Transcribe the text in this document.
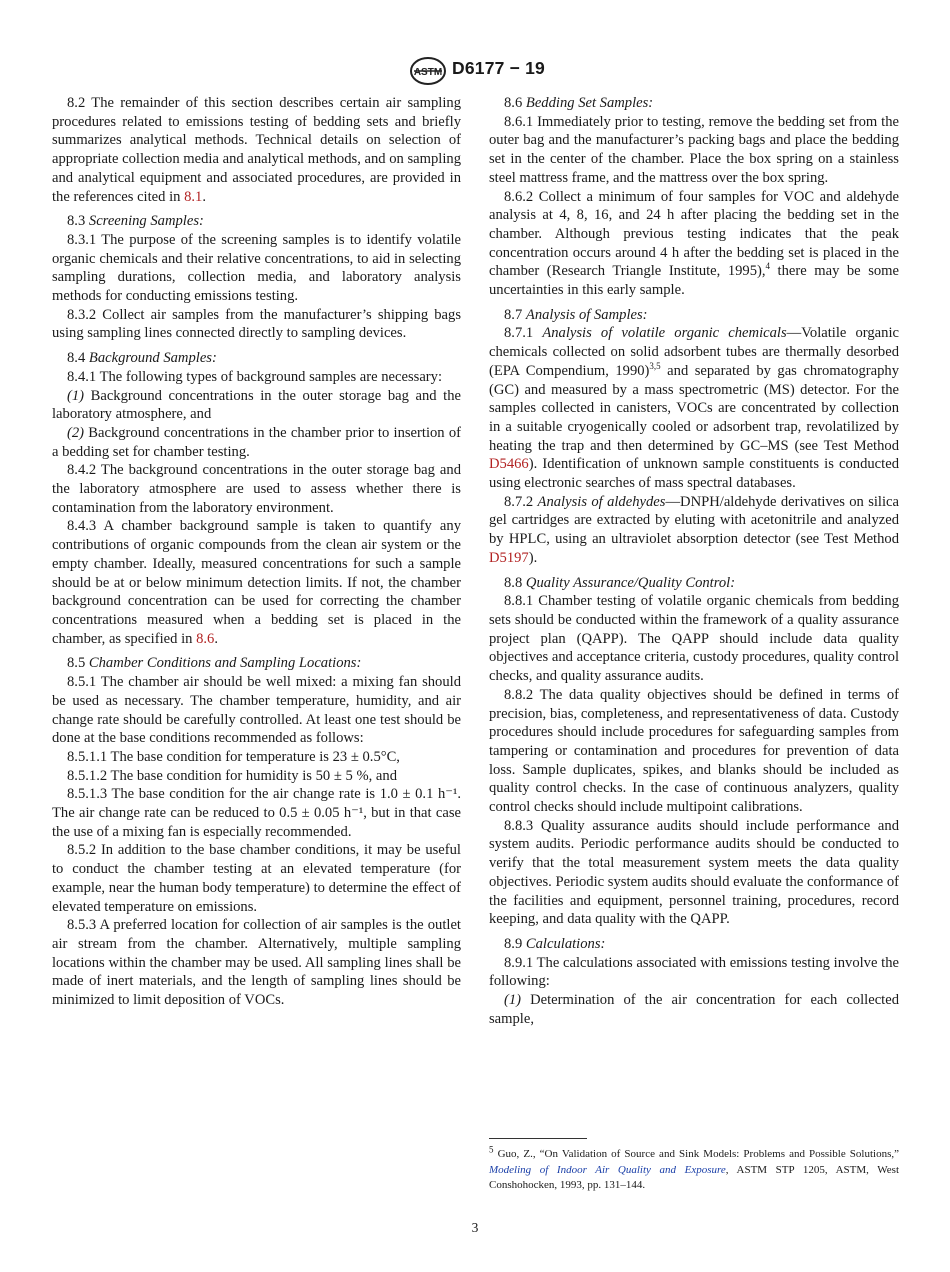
ASTM D6177 − 19

8.2 The remainder of this section describes certain air sampling procedures related to emissions testing of bedding sets and briefly summarizes analytical methods. Technical details on selection of appropriate collection media and analytical methods, and on sampling and analytical equipment and associated procedures, are provided in the references cited in 8.1.

8.3 Screening Samples:

8.3.1 The purpose of the screening samples is to identify volatile organic chemicals and their relative concentrations, to aid in selecting sampling durations, collection media, and laboratory analysis methods for conducting emissions testing.

8.3.2 Collect air samples from the manufacturer’s shipping bags using sampling lines connected directly to sampling devices.

8.4 Background Samples:

8.4.1 The following types of background samples are necessary:

(1) Background concentrations in the outer storage bag and the laboratory atmosphere, and

(2) Background concentrations in the chamber prior to insertion of a bedding set for chamber testing.

8.4.2 The background concentrations in the outer storage bag and the laboratory atmosphere are used to assess whether there is contamination from the laboratory environment.

8.4.3 A chamber background sample is taken to quantify any contributions of organic compounds from the clean air system or the empty chamber. Ideally, measured concentrations for such a sample should be at or below minimum detection limits. If not, the chamber background concentration can be used for correcting the chamber concentrations measured when a bedding set is placed in the chamber, as specified in 8.6.

8.5 Chamber Conditions and Sampling Locations:

8.5.1 The chamber air should be well mixed: a mixing fan should be used as necessary. The chamber temperature, humidity, and air change rate should be carefully controlled. At least one test should be done at the base conditions recommended as follows:

8.5.1.1 The base condition for temperature is 23 ± 0.5°C,

8.5.1.2 The base condition for humidity is 50 ± 5 %, and

8.5.1.3 The base condition for the air change rate is 1.0 ± 0.1 h⁻¹. The air change rate can be reduced to 0.5 ± 0.05 h⁻¹, but in that case the use of a mixing fan is especially recommended.

8.5.2 In addition to the base chamber conditions, it may be useful to conduct the chamber testing at an elevated temperature (for example, near the human body temperature) to determine the effect of elevated temperature on emissions.

8.5.3 A preferred location for collection of air samples is the outlet air stream from the chamber. Alternatively, multiple sampling locations within the chamber may be used. All sampling lines shall be made of inert materials, and the length of sampling lines should be minimized to limit deposition of VOCs.

8.6 Bedding Set Samples:

8.6.1 Immediately prior to testing, remove the bedding set from the outer bag and the manufacturer’s packing bags and place the bedding set in the center of the chamber. Place the box spring on a stainless steel mattress frame, and the mattress over the box spring.

8.6.2 Collect a minimum of four samples for VOC and aldehyde analysis at 4, 8, 16, and 24 h after placing the bedding set in the chamber. Although previous testing indicates that the peak concentration occurs around 4 h after the bedding set is placed in the chamber (Research Triangle Institute, 1995),$^4$ there may be some uncertainties in this early sample.

8.7 Analysis of Samples:

8.7.1 Analysis of volatile organic chemicals—Volatile organic chemicals collected on solid adsorbent tubes are thermally desorbed (EPA Compendium, 1990)$^{3,5}$ and separated by gas chromatography (GC) and measured by a mass spectrometric (MS) detector. For the samples collected in canisters, VOCs are concentrated by collection in a suitable cryogenically cooled or adsorbent trap, revolatilized by heating the trap and then determined by GC–MS (see Test Method D5466). Identification of unknown sample constituents is conducted using electronic searches of mass spectral databases.

8.7.2 Analysis of aldehydes—DNPH/aldehyde derivatives on silica gel cartridges are extracted by eluting with acetonitrile and analyzed by HPLC, using an ultraviolet absorption detector (see Test Method D5197).

8.8 Quality Assurance/Quality Control:

8.8.1 Chamber testing of volatile organic chemicals from bedding sets should be conducted within the framework of a quality assurance project plan (QAPP). The QAPP should include data quality objectives and acceptance criteria, custody procedures, quality control checks, and quality assurance audits.

8.8.2 The data quality objectives should be defined in terms of precision, bias, completeness, and representativeness of data. Custody procedures should include procedures for safeguarding samples from tampering or contamination and procedures for prevention of data loss. Sample duplicates, spikes, and blanks should be included as quality control checks. In the case of continuous analyzers, quality control checks should include multipoint calibrations.

8.8.3 Quality assurance audits should include performance and system audits. Periodic performance audits should be conducted to verify that the total measurement system meets the data quality objectives. Periodic system audits should evaluate the conformance of the facilities and equipment, personnel training, procedures, record keeping, and data quality with the QAPP.

8.9 Calculations:

8.9.1 The calculations associated with emissions testing involve the following:

(1) Determination of the air concentration for each collected sample,

$^5$ Guo, Z., “On Validation of Source and Sink Models: Problems and Possible Solutions,” Modeling of Indoor Air Quality and Exposure, ASTM STP 1205, ASTM, West Conshohocken, 1993, pp. 131–144.
3
